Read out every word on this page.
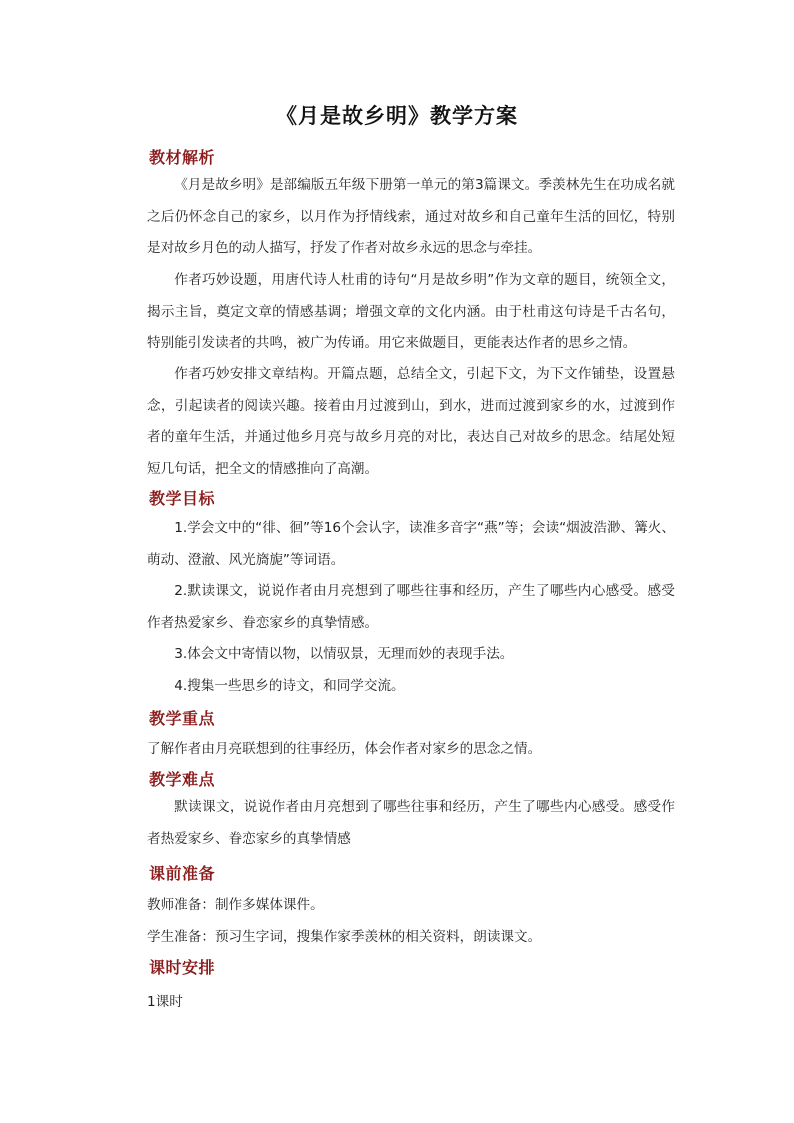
《月是故乡明》教学方案
教材解析
《月是故乡明》是部编版五年级下册第一单元的第3篇课文。季羡林先生在功成名就之后仍怀念自己的家乡，以月作为抒情线索，通过对故乡和自己童年生活的回忆，特别是对故乡月色的动人描写，抒发了作者对故乡永远的思念与牵挂。
作者巧妙设题，用唐代诗人杜甫的诗句“月是故乡明”作为文章的题目，统领全文，揭示主旨，奠定文章的情感基调；增强文章的文化内涵。由于杜甫这句诗是千古名句，特别能引发读者的共鸣，被广为传诵。用它来做题目，更能表达作者的思乡之情。
作者巧妙安排文章结构。开篇点题，总结全文，引起下文，为下文作铺垫，设置悬念，引起读者的阅读兴趣。接着由月过渡到山，到水，进而过渡到家乡的水，过渡到作者的童年生活，并通过他乡月亮与故乡月亮的对比，表达自己对故乡的思念。结尾处短短几句话，把全文的情感推向了高潮。
教学目标
1.学会文中的“徘、徊”等16个会认字，读准多音字“燕”等；会读“烟波浩渺、篝火、萌动、澄澈、风光旖旎”等词语。
2.默读课文，说说作者由月亮想到了哪些往事和经历，产生了哪些内心感受。感受作者热爱家乡、眷恋家乡的真挚情感。
3.体会文中寄情以物，以情驭景，无理而妙的表现手法。
4.搜集一些思乡的诗文，和同学交流。
教学重点
了解作者由月亮联想到的往事经历，体会作者对家乡的思念之情。
教学难点
默读课文，说说作者由月亮想到了哪些往事和经历，产生了哪些内心感受。感受作者热爱家乡、眷恋家乡的真挚情感
课前准备
教师准备：制作多媒体课件。
学生准备：预习生字词，搜集作家季羡林的相关资料，朗读课文。
课时安排
1课时
